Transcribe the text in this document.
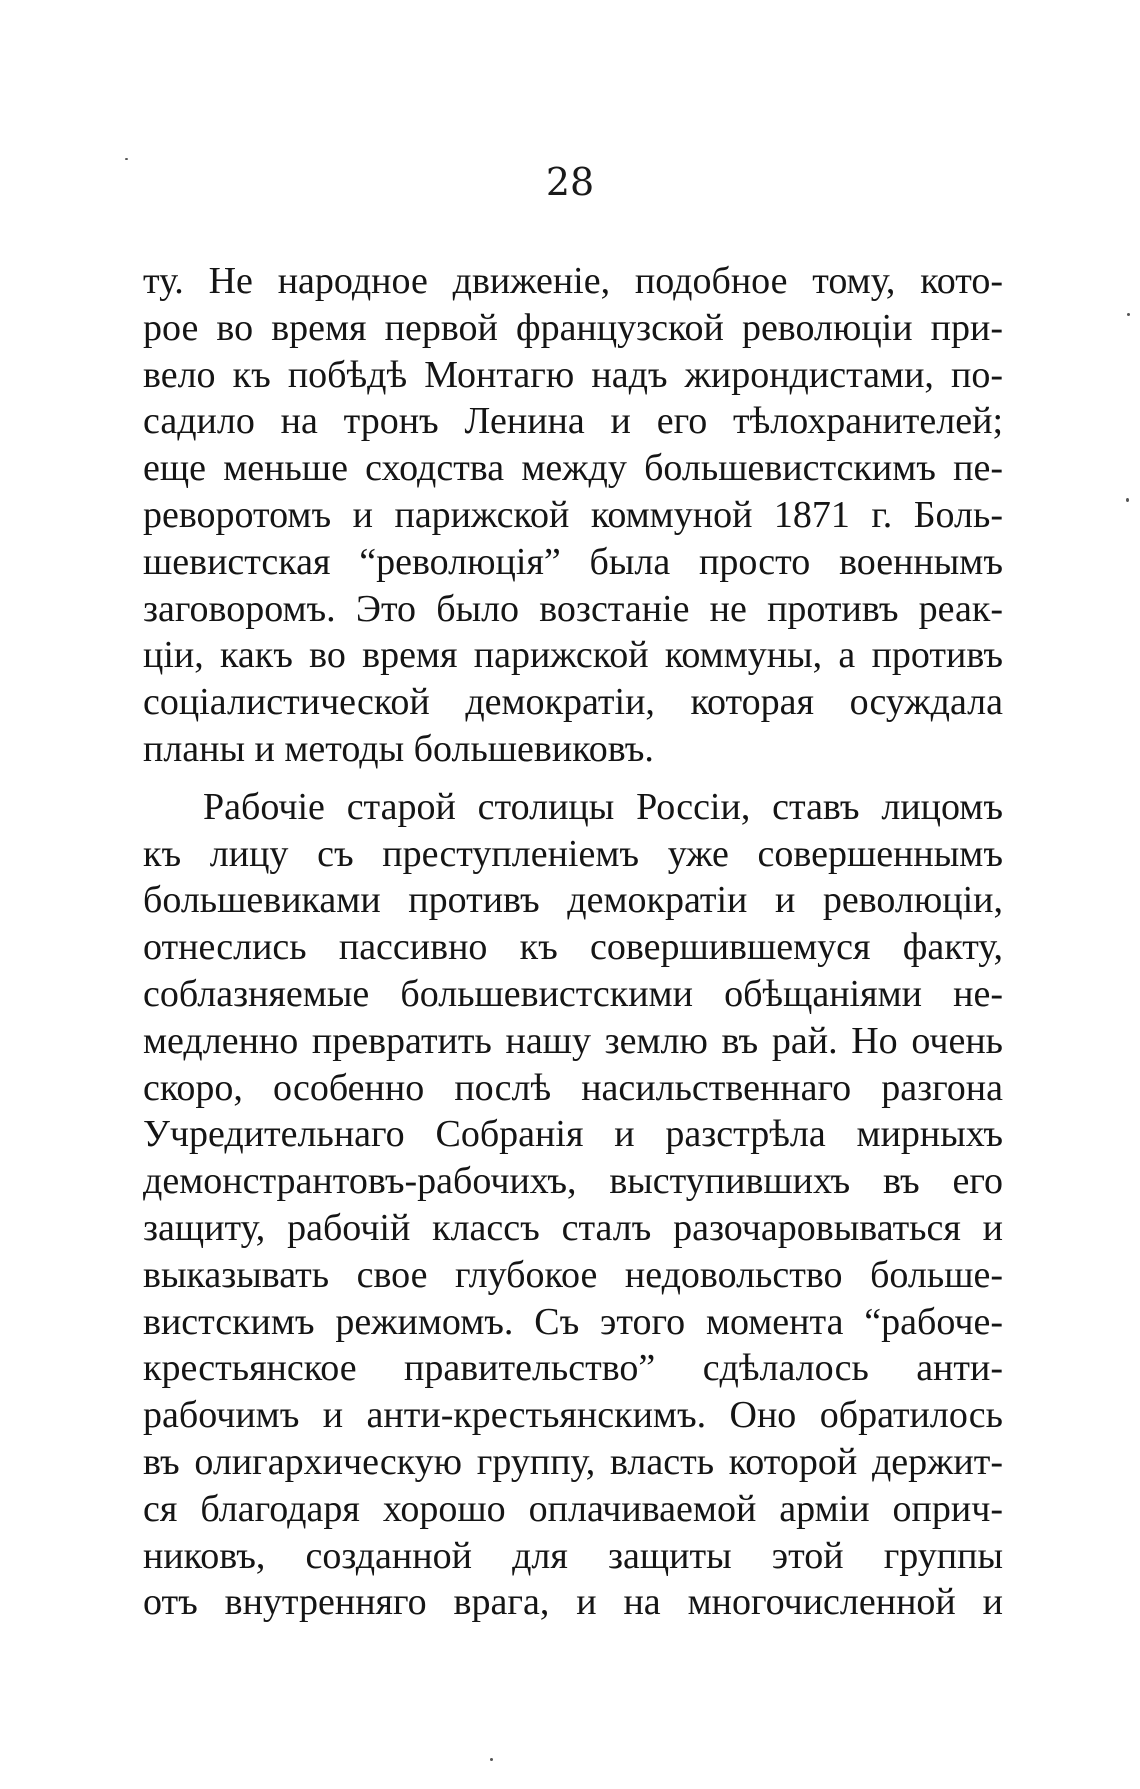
28
ту. Не народное движеніе, подобное тому, кото-
рое во время первой французской революціи при-
вело къ побѣдѣ Монтагю надъ жирондистами, по-
садило на тронъ Ленина и его тѣлохранителей;
еще меньше сходства между большевистскимъ пе-
реворотомъ и парижской коммуной 1871 г. Боль-
шевистская “революція” была просто военнымъ
заговоромъ. Это было возстаніе не противъ реак-
ціи, какъ во время парижской коммуны, а противъ
соціалистической демократіи, которая осуждала
планы и методы большевиковъ.
Рабочіе старой столицы Россіи, ставъ лицомъ
къ лицу съ преступленіемъ уже совершеннымъ
большевиками противъ демократіи и революціи,
отнеслись пассивно къ совершившемуся факту,
соблазняемые большевистскими обѣщаніями не-
медленно превратить нашу землю въ рай. Но очень
скоро, особенно послѣ насильственнаго разгона
Учредительнаго Собранія и разстрѣла мирныхъ
демонстрантовъ-рабочихъ, выступившихъ въ его
защиту, рабочій классъ сталъ разочаровываться и
выказывать свое глубокое недовольство больше-
вистскимъ режимомъ. Съ этого момента “рабоче-
крестьянское правительство” сдѣлалось анти-
рабочимъ и анти-крестьянскимъ. Оно обратилось
въ олигархическую группу, власть которой держит-
ся благодаря хорошо оплачиваемой арміи оприч-
никовъ, созданной для защиты этой группы
отъ внутренняго врага, и на многочисленной и
